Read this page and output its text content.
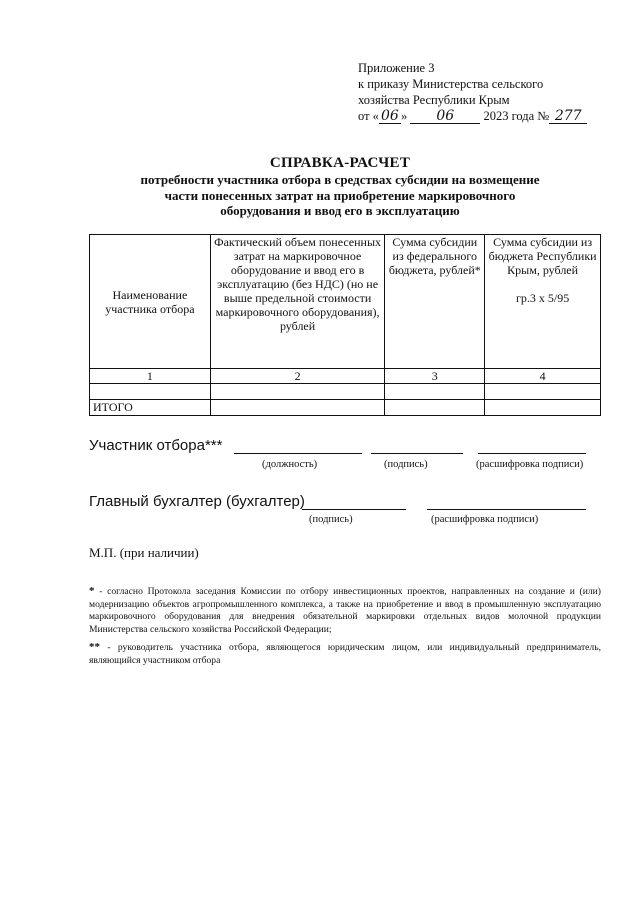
Приложение 3
к приказу Министерства сельского
хозяйства Республики Крым
от « 06 » 06 2023 года № 277
СПРАВКА-РАСЧЕТ
потребности участника отбора в средствах субсидии на возмещение
части понесенных затрат на приобретение маркировочного
оборудования и ввод его в эксплуатацию
Наименование участника отбора	Фактический объем понесенных затрат на маркировочное оборудование и ввод его в эксплуатацию (без НДС) (но не выше предельной стоимости маркировочного оборудования), рублей	Сумма субсидии из федерального бюджета, рублей*	Сумма субсидии из бюджета Республики Крым, рублей
гр.3 х 5/95

1	2	3	4

ИТОГО			
Участник отбора***
(должность)	(подпись)	(расшифровка подписи)
Главный бухгалтер (бухгалтер)
(подпись)	(расшифровка подписи)
М.П. (при наличии)
* - согласно Протокола заседания Комиссии по отбору инвестиционных проектов, направленных на создание и (или) модернизацию объектов агропромышленного комплекса, а также на приобретение и ввод в промышленную эксплуатацию маркировочного оборудования для внедрения обязательной маркировки отдельных видов молочной продукции Министерства сельского хозяйства Российской Федерации;
** - руководитель участника отбора, являющегося юридическим лицом, или индивидуальный предприниматель, являющийся участником отбора
